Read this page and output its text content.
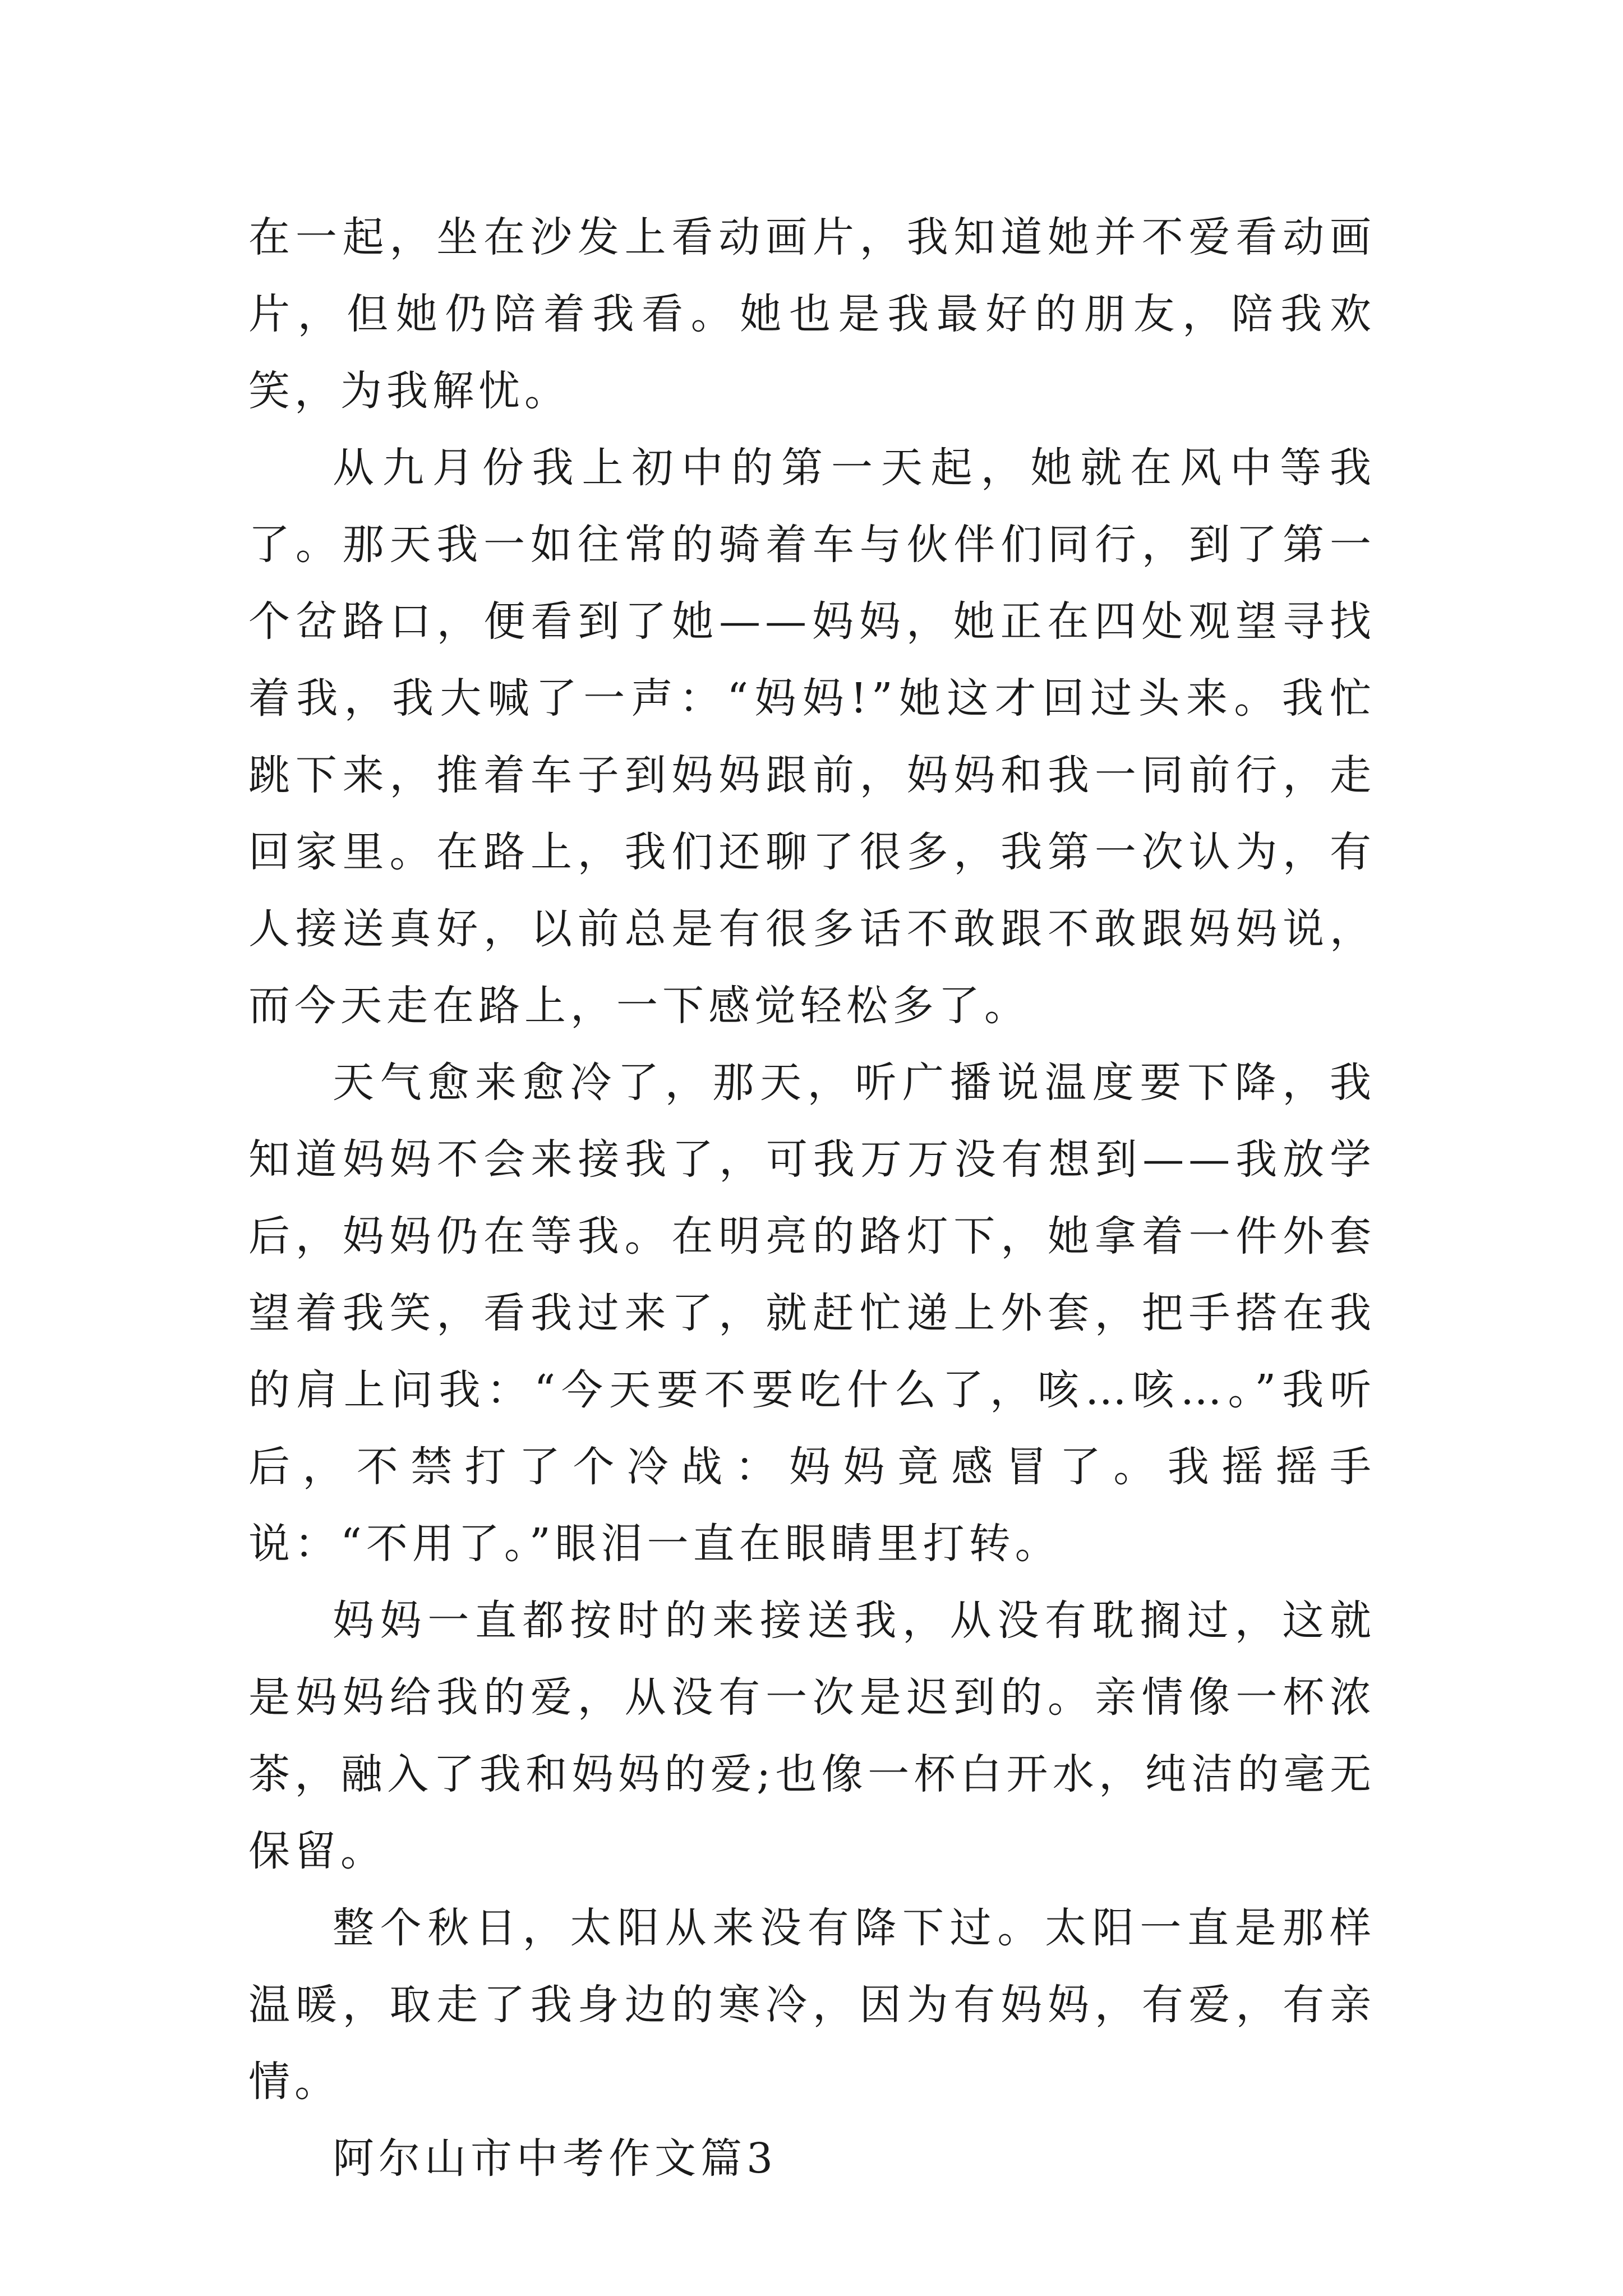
在一起，坐在沙发上看动画片，我知道她并不爱看动画片，但她仍陪着我看。她也是我最好的朋友，陪我欢笑，为我解忧。

从九月份我上初中的第一天起，她就在风中等我了。那天我一如往常的骑着车与伙伴们同行，到了第一个岔路口，便看到了她——妈妈，她正在四处观望寻找着我，我大喊了一声：“妈妈!”她这才回过头来。我忙跳下来，推着车子到妈妈跟前，妈妈和我一同前行，走回家里。在路上，我们还聊了很多，我第一次认为，有人接送真好，以前总是有很多话不敢跟不敢跟妈妈说，而今天走在路上，一下感觉轻松多了。

天气愈来愈冷了，那天，听广播说温度要下降，我知道妈妈不会来接我了，可我万万没有想到——我放学后，妈妈仍在等我。在明亮的路灯下，她拿着一件外套望着我笑，看我过来了，就赶忙递上外套，把手搭在我的肩上问我：“今天要不要吃什么了，咳…咳…。”我听后，不禁打了个冷战：妈妈竟感冒了。我摇摇手说：“不用了。”眼泪一直在眼睛里打转。

妈妈一直都按时的来接送我，从没有耽搁过，这就是妈妈给我的爱，从没有一次是迟到的。亲情像一杯浓茶，融入了我和妈妈的爱;也像一杯白开水，纯洁的毫无保留。

整个秋日，太阳从来没有降下过。太阳一直是那样温暖，取走了我身边的寒冷，因为有妈妈，有爱，有亲情。

阿尔山市中考作文篇3
